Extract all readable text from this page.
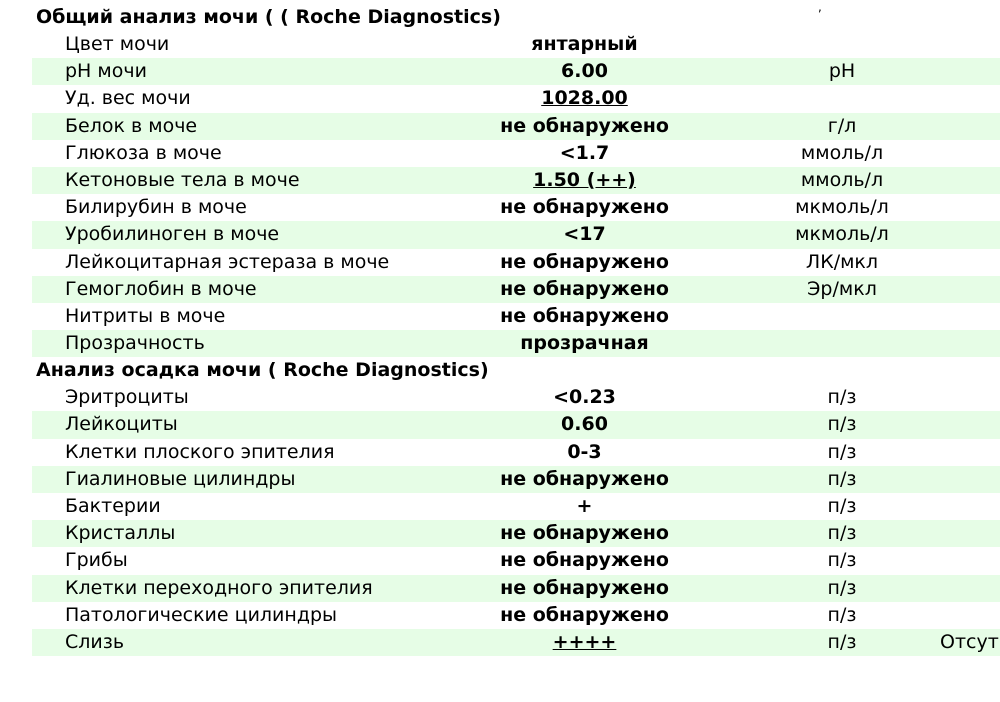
,
Общий анализ мочи ( ( Roche Diagnostics)
Цвет мочи	янтарный
pH мочи	6.00	pH
Уд. вес мочи	1028.00
Белок в моче	не обнаружено	г/л
Глюкоза в моче	<1.7	ммоль/л
Кетоновые тела в моче	1.50 (++)	ммоль/л
Билирубин в моче	не обнаружено	мкмоль/л
Уробилиноген в моче	<17	мкмоль/л
Лейкоцитарная эстераза в моче	не обнаружено	ЛК/мкл
Гемоглобин в моче	не обнаружено	Эр/мкл
Нитриты в моче	не обнаружено
Прозрачность	прозрачная
Анализ осадка мочи ( Roche Diagnostics)
Эритроциты	<0.23	п/з
Лейкоциты	0.60	п/з
Клетки плоского эпителия	0-3	п/з
Гиалиновые цилиндры	не обнаружено	п/з
Бактерии	+	п/з
Кристаллы	не обнаружено	п/з
Грибы	не обнаружено	п/з
Клетки переходного эпителия	не обнаружено	п/з
Патологические цилиндры	не обнаружено	п/з
Слизь	++++	п/з	Отсут
